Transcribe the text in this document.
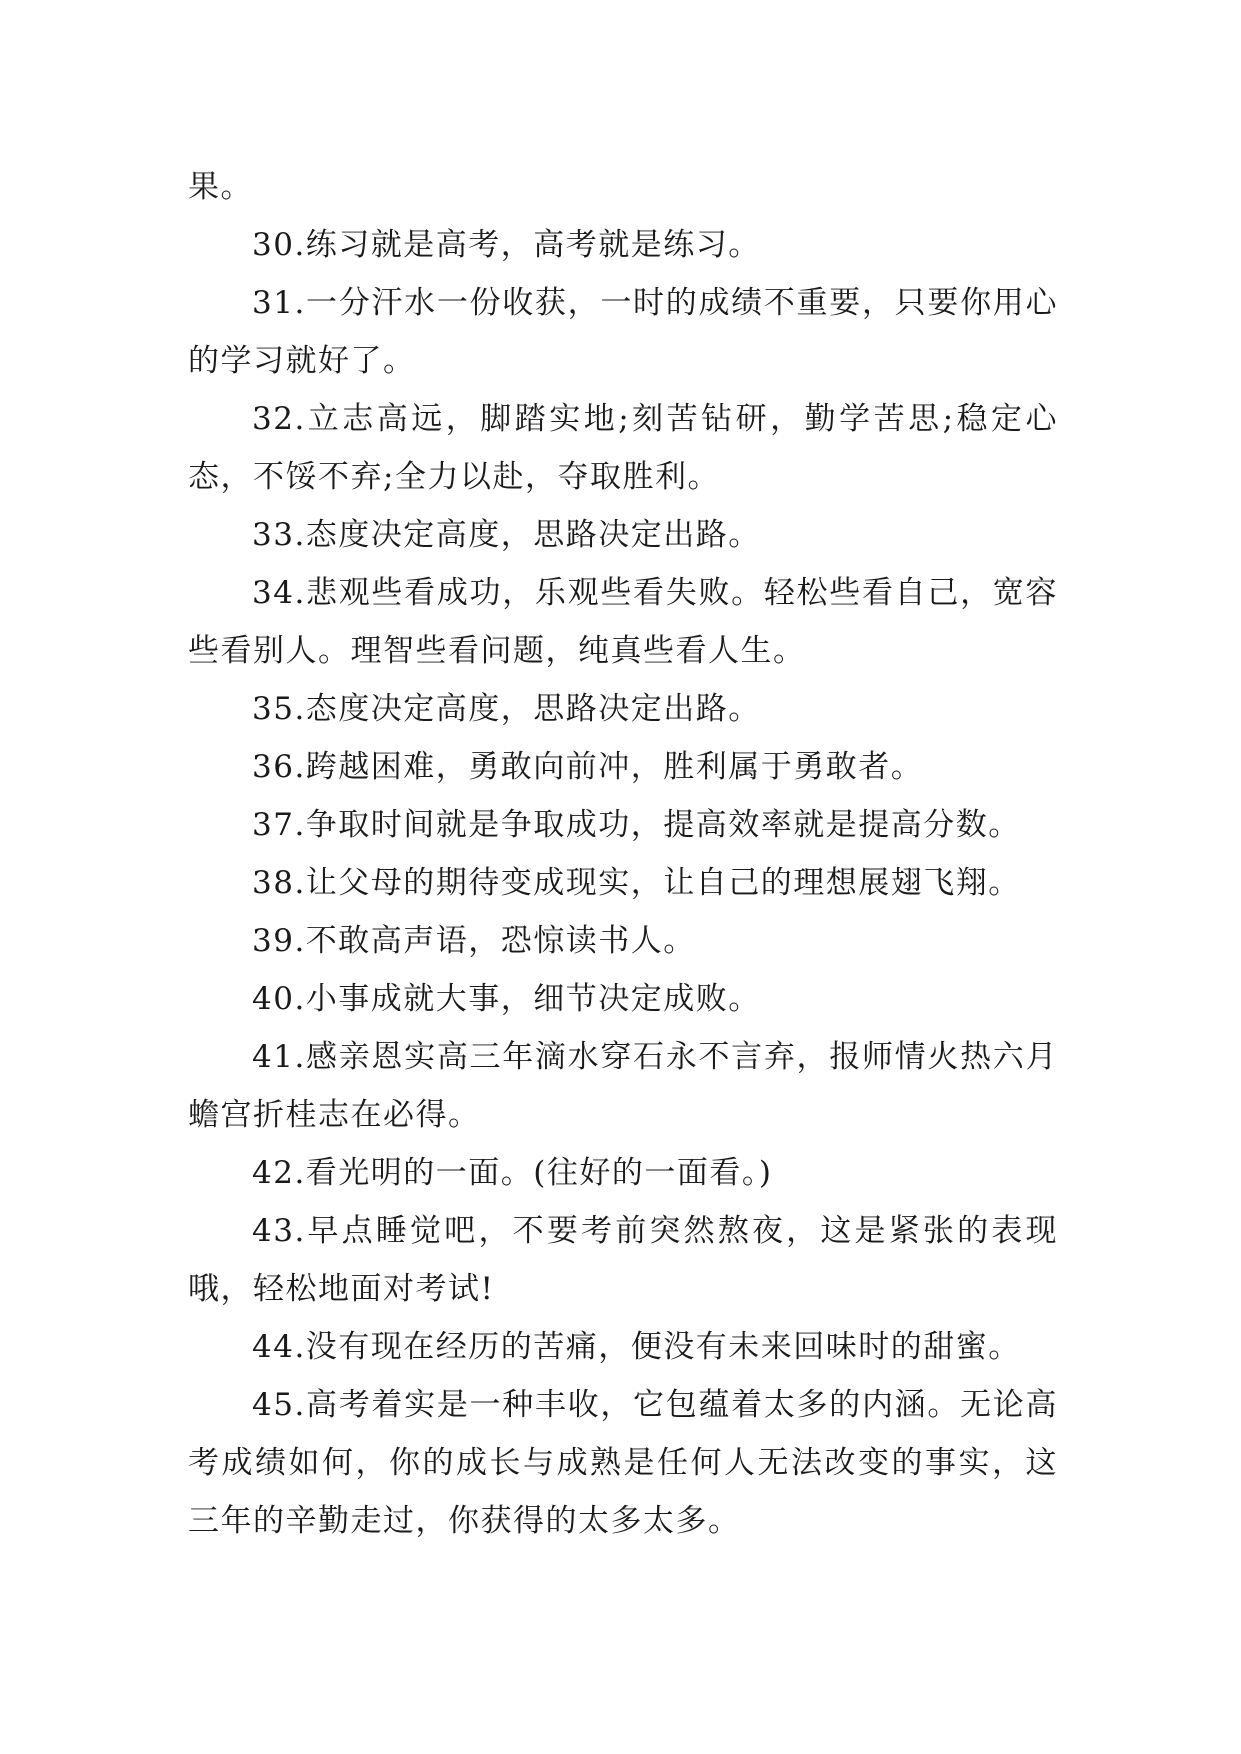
果。

30.练习就是高考，高考就是练习。

31.一分汗水一份收获，一时的成绩不重要，只要你用心的学习就好了。

32.立志高远，脚踏实地;刻苦钻研，勤学苦思;稳定心态，不馁不弃;全力以赴，夺取胜利。

33.态度决定高度，思路决定出路。

34.悲观些看成功，乐观些看失败。轻松些看自己，宽容些看别人。理智些看问题，纯真些看人生。

35.态度决定高度，思路决定出路。

36.跨越困难，勇敢向前冲，胜利属于勇敢者。

37.争取时间就是争取成功，提高效率就是提高分数。

38.让父母的期待变成现实，让自己的理想展翅飞翔。

39.不敢高声语，恐惊读书人。

40.小事成就大事，细节决定成败。

41.感亲恩实高三年滴水穿石永不言弃，报师情火热六月蟾宫折桂志在必得。

42.看光明的一面。(往好的一面看。)

43.早点睡觉吧，不要考前突然熬夜，这是紧张的表现哦，轻松地面对考试!

44.没有现在经历的苦痛，便没有未来回味时的甜蜜。

45.高考着实是一种丰收，它包蕴着太多的内涵。无论高考成绩如何，你的成长与成熟是任何人无法改变的事实，这三年的辛勤走过，你获得的太多太多。
